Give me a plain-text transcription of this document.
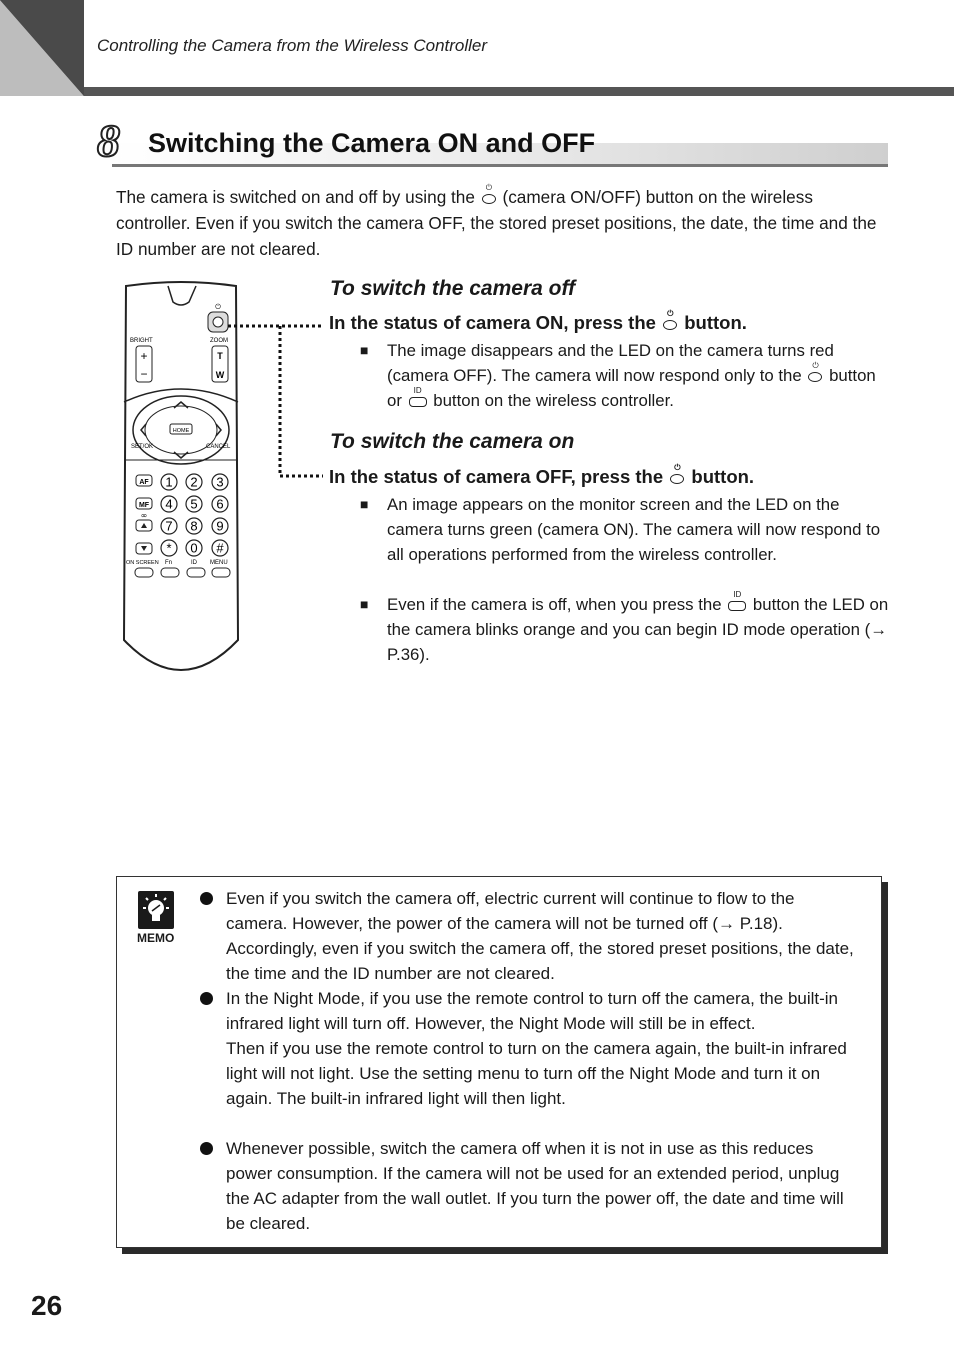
Controlling the Camera from the Wireless Controller
8 Switching the Camera ON and OFF
The camera is switched on and off by using the ⏻ (camera ON/OFF) button on the wireless controller. Even if you switch the camera OFF, the stored preset positions, the date, the time and the ID number are not cleared.
⏻
BRIGHT	ZOOM
+
−
T
W
HOME
SET/OK	CANCEL
AF
MF
∞
1 2 3
4 5 6
7 8 9
* 0 #
ON SCREEN Fn	ID MENU
To switch the camera off
In the status of camera ON, press the ⏻ button.
■ The image disappears and the LED on the camera turns red (camera OFF). The camera will now respond only to the
⏻
button or
ID
button on the wireless controller.
To switch the camera on
In the status of camera OFF, press the ⏻ button.
■ An image appears on the monitor screen and the LED on the camera turns green (camera ON). The camera will now respond to all operations performed from the wireless controller.
■ Even if the camera is off, when you press the
ID
button the LED on the camera blinks orange and you can begin ID mode operation (→ P.36).
MEMO
Even if you switch the camera off, electric current will continue to flow to the camera. However, the power of the camera will not be turned off (→ P.18). Accordingly, even if you switch the camera off, the stored preset positions, the date, the time and the ID number are not cleared.
In the Night Mode, if you use the remote control to turn off the camera, the built-in infrared light will turn off. However, the Night Mode will still be in effect.
Then if you use the remote control to turn on the camera again, the built-in infrared light will not light. Use the setting menu to turn off the Night Mode and turn it on again. The built-in infrared light will then light.
Whenever possible, switch the camera off when it is not in use as this reduces power consumption. If the camera will not be used for an extended period, unplug the AC adapter from the wall outlet. If you turn the power off, the date and time will be cleared.
26
